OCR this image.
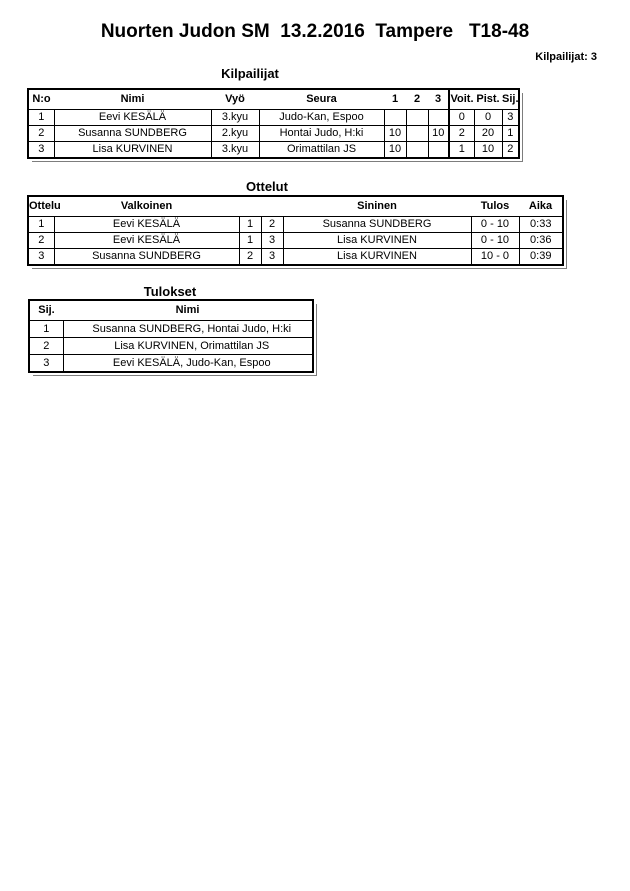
Nuorten Judon SM  13.2.2016  Tampere   T18-48
Kilpailijat: 3
Kilpailijat
N:o	Nimi	Vyö	Seura	1	2	3	Voit.	Pist.	Sij.
1	Eevi KESÄLÄ	3.kyu	Judo-Kan, Espoo				0	0	3
2	Susanna SUNDBERG	2.kyu	Hontai Judo, H:ki	10		10	2	20	1
3	Lisa KURVINEN	3.kyu	Orimattilan JS	10			1	10	2
Ottelut
Ottelu	Valkoinen			Sininen	Tulos	Aika
1	Eevi KESÄLÄ	1	2	Susanna SUNDBERG	0 - 10	0:33
2	Eevi KESÄLÄ	1	3	Lisa KURVINEN	0 - 10	0:36
3	Susanna SUNDBERG	2	3	Lisa KURVINEN	10 - 0	0:39
Tulokset
Sij.	Nimi
1	Susanna SUNDBERG, Hontai Judo, H:ki
2	Lisa KURVINEN, Orimattilan JS
3	Eevi KESÄLÄ, Judo-Kan, Espoo
